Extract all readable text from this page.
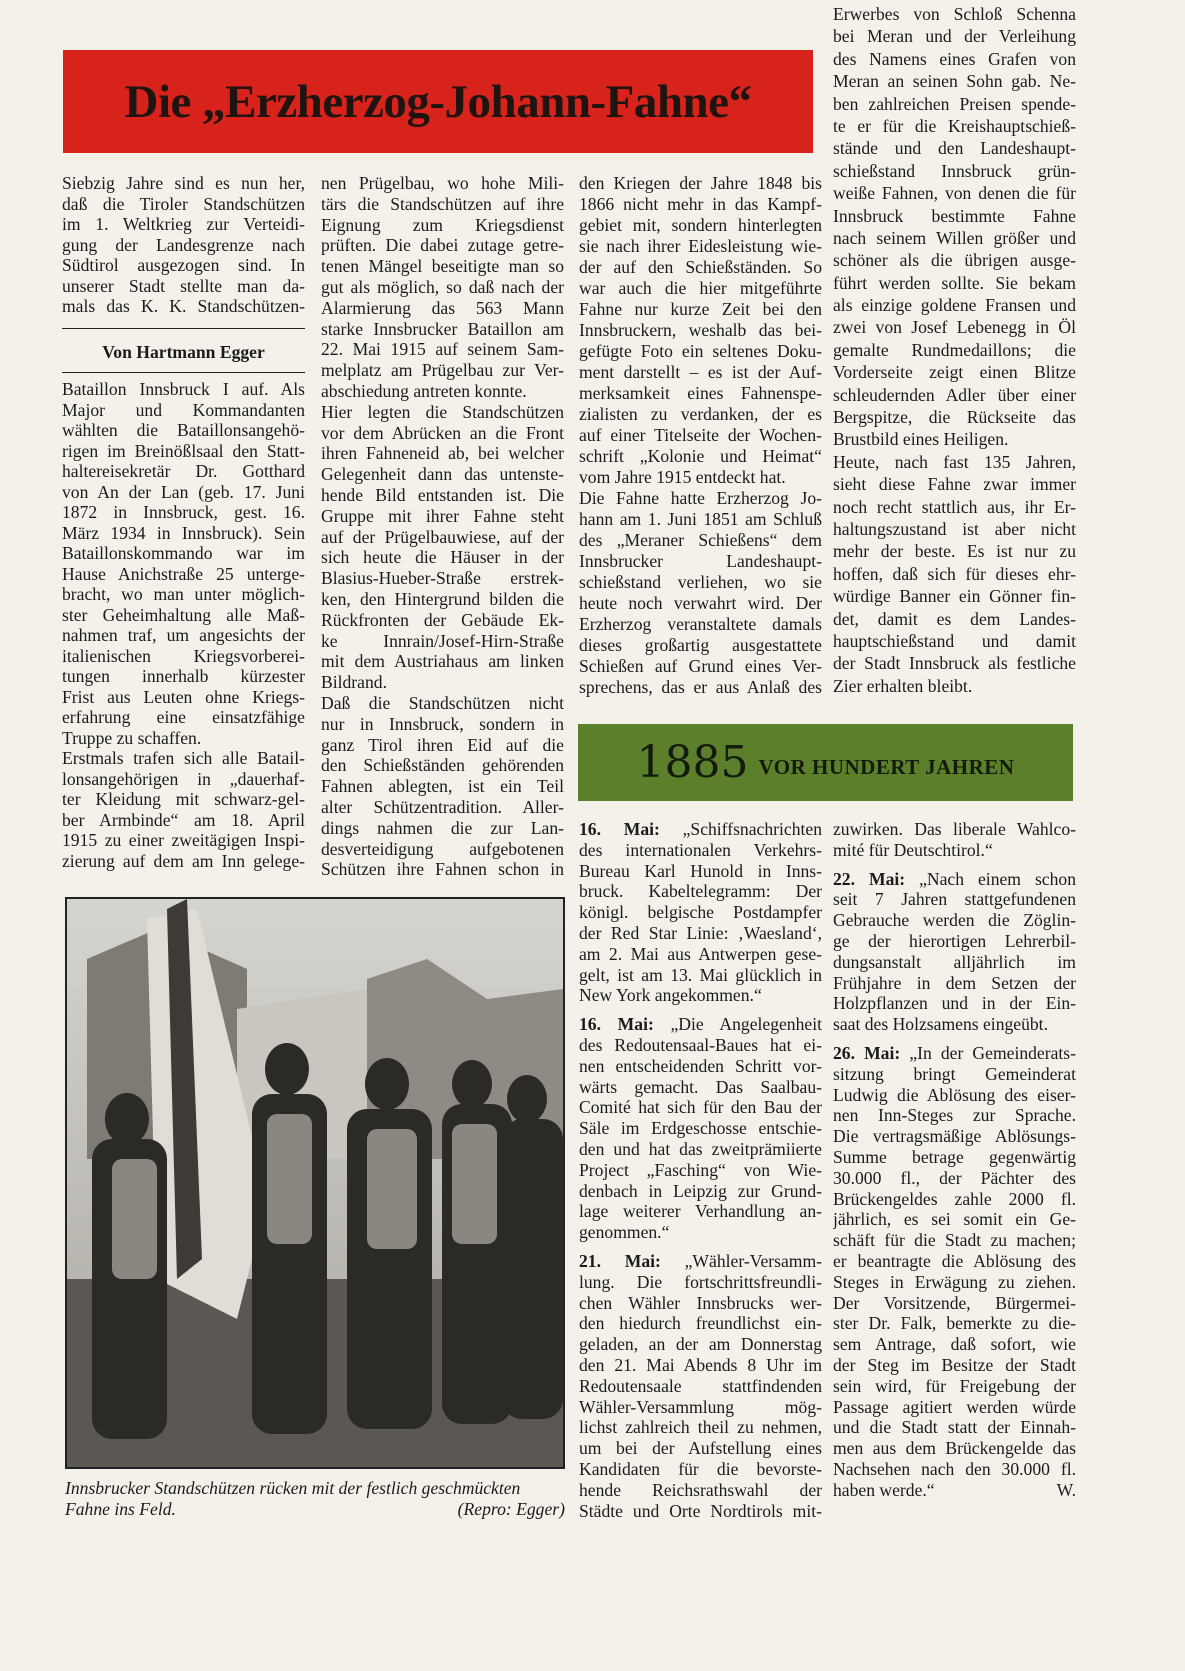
Die „Erzherzog-Johann-Fahne“
Siebzig Jahre sind es nun her,
daß die Tiroler Standschützen
im 1. Weltkrieg zur Verteidi-
gung der Landesgrenze nach
Südtirol ausgezogen sind. In
unserer Stadt stellte man da-
mals das K. K. Standschützen-
Von Hartmann Egger
Bataillon Innsbruck I auf. Als
Major und Kommandanten
wählten die Bataillonsangehö-
rigen im Breinößlsaal den Statt-
haltereisekretär Dr. Gotthard
von An der Lan (geb. 17. Juni
1872 in Innsbruck, gest. 16.
März 1934 in Innsbruck). Sein
Bataillonskommando war im
Hause Anichstraße 25 unterge-
bracht, wo man unter möglich-
ster Geheimhaltung alle Maß-
nahmen traf, um angesichts der
italienischen Kriegsvorberei-
tungen innerhalb kürzester
Frist aus Leuten ohne Kriegs-
erfahrung eine einsatzfähige
Truppe zu schaffen.
Erstmals trafen sich alle Batail-
lonsangehörigen in „dauerhaf-
ter Kleidung mit schwarz-gel-
ber Armbinde“ am 18. April
1915 zu einer zweitägigen Inspi-
zierung auf dem am Inn gelege-
nen Prügelbau, wo hohe Mili-
tärs die Standschützen auf ihre
Eignung zum Kriegsdienst
prüften. Die dabei zutage getre-
tenen Mängel beseitigte man so
gut als möglich, so daß nach der
Alarmierung das 563 Mann
starke Innsbrucker Bataillon am
22. Mai 1915 auf seinem Sam-
melplatz am Prügelbau zur Ver-
abschiedung antreten konnte.
Hier legten die Standschützen
vor dem Abrücken an die Front
ihren Fahneneid ab, bei welcher
Gelegenheit dann das untenste-
hende Bild entstanden ist. Die
Gruppe mit ihrer Fahne steht
auf der Prügelbauwiese, auf der
sich heute die Häuser in der
Blasius-Hueber-Straße erstrek-
ken, den Hintergrund bilden die
Rückfronten der Gebäude Ek-
ke Innrain/Josef-Hirn-Straße
mit dem Austriahaus am linken
Bildrand.
Daß die Standschützen nicht
nur in Innsbruck, sondern in
ganz Tirol ihren Eid auf die
den Schießständen gehörenden
Fahnen ablegten, ist ein Teil
alter Schützentradition. Aller-
dings nahmen die zur Lan-
desverteidigung aufgebotenen
Schützen ihre Fahnen schon in
den Kriegen der Jahre 1848 bis
1866 nicht mehr in das Kampf-
gebiet mit, sondern hinterlegten
sie nach ihrer Eidesleistung wie-
der auf den Schießständen. So
war auch die hier mitgeführte
Fahne nur kurze Zeit bei den
Innsbruckern, weshalb das bei-
gefügte Foto ein seltenes Doku-
ment darstellt – es ist der Auf-
merksamkeit eines Fahnenspe-
zialisten zu verdanken, der es
auf einer Titelseite der Wochen-
schrift „Kolonie und Heimat“
vom Jahre 1915 entdeckt hat.
Die Fahne hatte Erzherzog Jo-
hann am 1. Juni 1851 am Schluß
des „Meraner Schießens“ dem
Innsbrucker Landeshaupt-
schießstand verliehen, wo sie
heute noch verwahrt wird. Der
Erzherzog veranstaltete damals
dieses großartig ausgestattete
Schießen auf Grund eines Ver-
sprechens, das er aus Anlaß des
Erwerbes von Schloß Schenna
bei Meran und der Verleihung
des Namens eines Grafen von
Meran an seinen Sohn gab. Ne-
ben zahlreichen Preisen spende-
te er für die Kreishauptschieß-
stände und den Landeshaupt-
schießstand Innsbruck grün-
weiße Fahnen, von denen die für
Innsbruck bestimmte Fahne
nach seinem Willen größer und
schöner als die übrigen ausge-
führt werden sollte. Sie bekam
als einzige goldene Fransen und
zwei von Josef Lebenegg in Öl
gemalte Rundmedaillons; die
Vorderseite zeigt einen Blitze
schleudernden Adler über einer
Bergspitze, die Rückseite das
Brustbild eines Heiligen.
Heute, nach fast 135 Jahren,
sieht diese Fahne zwar immer
noch recht stattlich aus, ihr Er-
haltungszustand ist aber nicht
mehr der beste. Es ist nur zu
hoffen, daß sich für dieses ehr-
würdige Banner ein Gönner fin-
det, damit es dem Landes-
hauptschießstand und damit
der Stadt Innsbruck als festliche
Zier erhalten bleibt.
1885 VOR HUNDERT JAHREN
16. Mai: „Schiffsnachrichten
des internationalen Verkehrs-
Bureau Karl Hunold in Inns-
bruck. Kabeltelegramm: Der
königl. belgische Postdampfer
der Red Star Linie: ‚Waesland‘,
am 2. Mai aus Antwerpen gese-
gelt, ist am 13. Mai glücklich in
New York angekommen.“
16. Mai: „Die Angelegenheit
des Redoutensaal-Baues hat ei-
nen entscheidenden Schritt vor-
wärts gemacht. Das Saalbau-
Comité hat sich für den Bau der
Säle im Erdgeschosse entschie-
den und hat das zweitprämiierte
Project „Fasching“ von Wie-
denbach in Leipzig zur Grund-
lage weiterer Verhandlung an-
genommen.“
21. Mai: „Wähler-Versamm-
lung. Die fortschrittsfreundli-
chen Wähler Innsbrucks wer-
den hiedurch freundlichst ein-
geladen, an der am Donnerstag
den 21. Mai Abends 8 Uhr im
Redoutensaale stattfindenden
Wähler-Versammlung mög-
lichst zahlreich theil zu nehmen,
um bei der Aufstellung eines
Kandidaten für die bevorste-
hende Reichsrathswahl der
Städte und Orte Nordtirols mit-
zuwirken. Das liberale Wahlco-
mité für Deutschtirol.“
22. Mai: „Nach einem schon
seit 7 Jahren stattgefundenen
Gebrauche werden die Zöglin-
ge der hierortigen Lehrerbil-
dungsanstalt alljährlich im
Frühjahre in dem Setzen der
Holzpflanzen und in der Ein-
saat des Holzsamens eingeübt.
26. Mai: „In der Gemeinderats-
sitzung bringt Gemeinderat
Ludwig die Ablösung des eiser-
nen Inn-Steges zur Sprache.
Die vertragsmäßige Ablösungs-
Summe betrage gegenwärtig
30.000 fl., der Pächter des
Brückengeldes zahle 2000 fl.
jährlich, es sei somit ein Ge-
schäft für die Stadt zu machen;
er beantragte die Ablösung des
Steges in Erwägung zu ziehen.
Der Vorsitzende, Bürgermei-
ster Dr. Falk, bemerkte zu die-
sem Antrage, daß sofort, wie
der Steg im Besitze der Stadt
sein wird, für Freigebung der
Passage agitiert werden würde
und die Stadt statt der Einnah-
men aus dem Brückengelde das
Nachsehen nach den 30.000 fl.
W.
haben werde.“
Innsbrucker Standschützen rücken mit der festlich geschmückten
Fahne ins Feld.	(Repro: Egger)
